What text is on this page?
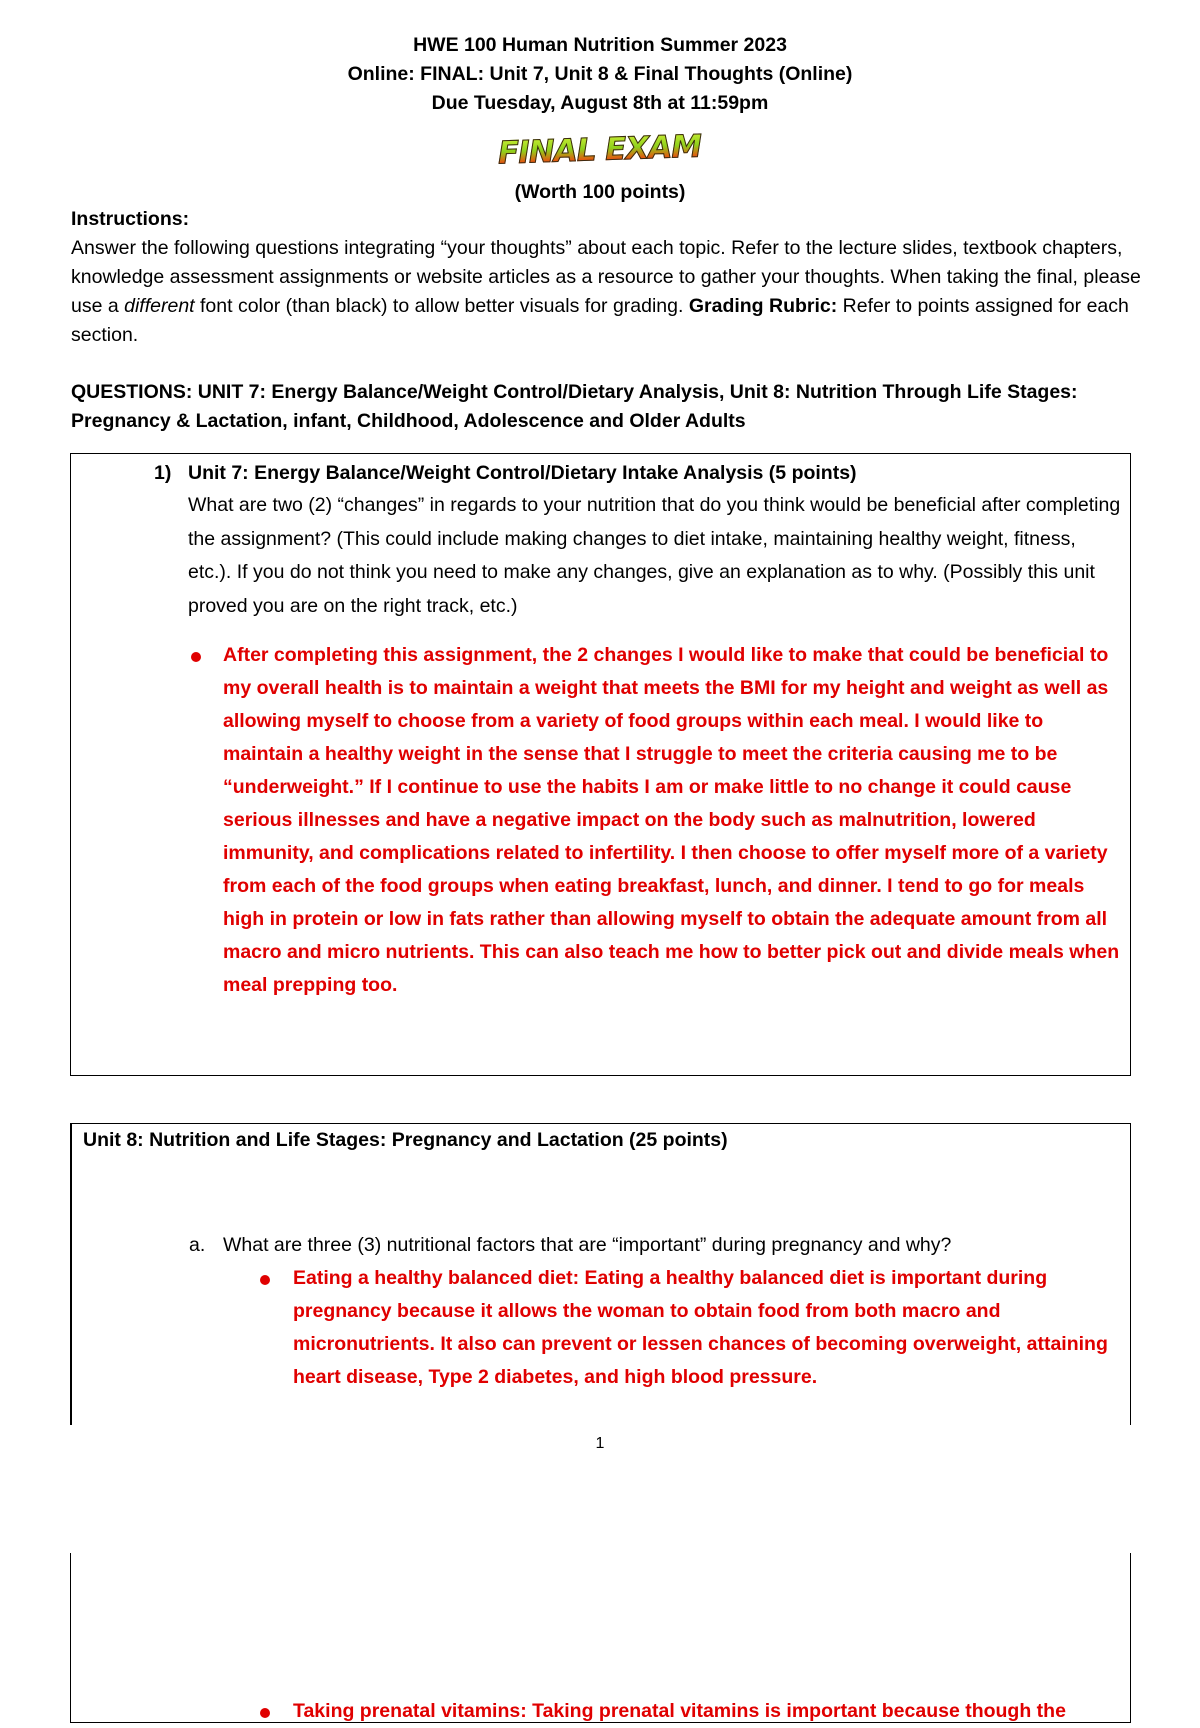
HWE 100 Human Nutrition Summer 2023
Online: FINAL: Unit 7, Unit 8 & Final Thoughts (Online)
Due Tuesday, August 8th at 11:59pm
FINAL EXAM
(Worth 100 points)
Instructions:
Answer the following questions integrating “your thoughts” about each topic. Refer to the lecture slides, textbook chapters, knowledge assessment assignments or website articles as a resource to gather your thoughts. When taking the final, please use a different font color (than black) to allow better visuals for grading. Grading Rubric: Refer to points assigned for each section.
QUESTIONS: UNIT 7: Energy Balance/Weight Control/Dietary Analysis, Unit 8: Nutrition Through Life Stages: Pregnancy & Lactation, infant, Childhood, Adolescence and Older Adults
1) Unit 7: Energy Balance/Weight Control/Dietary Intake Analysis (5 points)
What are two (2) “changes” in regards to your nutrition that do you think would be beneficial after completing the assignment? (This could include making changes to diet intake, maintaining healthy weight, fitness, etc.). If you do not think you need to make any changes, give an explanation as to why. (Possibly this unit proved you are on the right track, etc.)
After completing this assignment, the 2 changes I would like to make that could be beneficial to my overall health is to maintain a weight that meets the BMI for my height and weight as well as allowing myself to choose from a variety of food groups within each meal. I would like to maintain a healthy weight in the sense that I struggle to meet the criteria causing me to be “underweight.” If I continue to use the habits I am or make little to no change it could cause serious illnesses and have a negative impact on the body such as malnutrition, lowered immunity, and complications related to infertility. I then choose to offer myself more of a variety from each of the food groups when eating breakfast, lunch, and dinner. I tend to go for meals high in protein or low in fats rather than allowing myself to obtain the adequate amount from all macro and micro nutrients. This can also teach me how to better pick out and divide meals when meal prepping too.
Unit 8: Nutrition and Life Stages: Pregnancy and Lactation (25 points)
a. What are three (3) nutritional factors that are “important” during pregnancy and why?
Eating a healthy balanced diet: Eating a healthy balanced diet is important during pregnancy because it allows the woman to obtain food from both macro and micronutrients. It also can prevent or lessen chances of becoming overweight, attaining heart disease, Type 2 diabetes, and high blood pressure.
Taking prenatal vitamins: Taking prenatal vitamins is important because though the
1
